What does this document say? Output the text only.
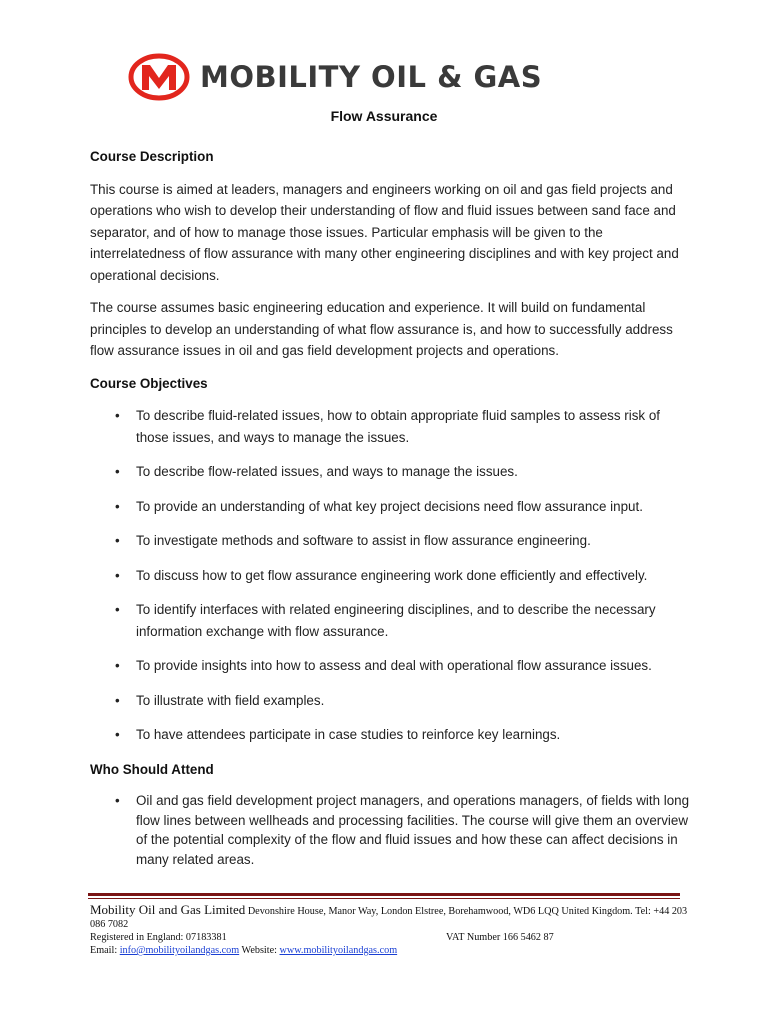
MOBILITY OIL & GAS
Flow Assurance
Course Description

This course is aimed at leaders, managers and engineers working on oil and gas field projects and operations who wish to develop their understanding of flow and fluid issues between sand face and separator, and of how to manage those issues. Particular emphasis will be given to the interrelatedness of flow assurance with many other engineering disciplines and with key project and operational decisions.

The course assumes basic engineering education and experience. It will build on fundamental principles to develop an understanding of what flow assurance is, and how to successfully address flow assurance issues in oil and gas field development projects and operations.

Course Objectives
• To describe fluid-related issues, how to obtain appropriate fluid samples to assess risk of those issues, and ways to manage the issues.
• To describe flow-related issues, and ways to manage the issues.
• To provide an understanding of what key project decisions need flow assurance input.
• To investigate methods and software to assist in flow assurance engineering.
• To discuss how to get flow assurance engineering work done efficiently and effectively.
• To identify interfaces with related engineering disciplines, and to describe the necessary information exchange with flow assurance.
• To provide insights into how to assess and deal with operational flow assurance issues.
• To illustrate with field examples.
• To have attendees participate in case studies to reinforce key learnings.
Who Should Attend
• Oil and gas field development project managers, and operations managers, of fields with long flow lines between wellheads and processing facilities. The course will give them an overview of the potential complexity of the flow and fluid issues and how these can affect decisions in many related areas.
Mobility Oil and Gas Limited Devonshire House, Manor Way, London Elstree, Borehamwood, WD6 LQQ United Kingdom. Tel: +44 203 086 7082
Registered in England: 07183381	VAT Number 166 5462 87
Email: info@mobilityoilandgas.com Website: www.mobilityoilandgas.com
